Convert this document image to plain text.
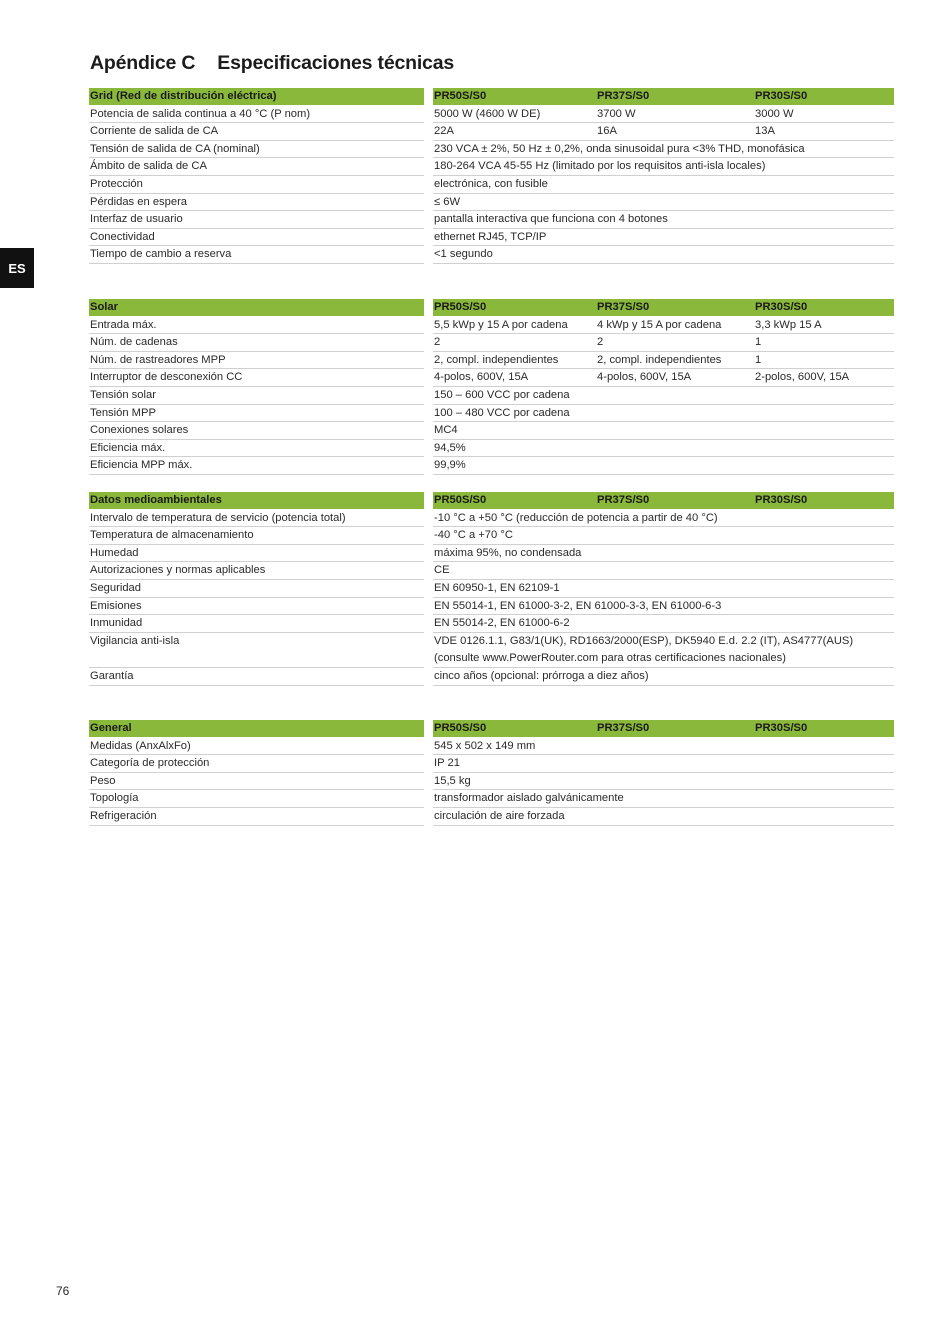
Apéndice C Especificaciones técnicas
ES
Grid (Red de distribución eléctrica)	PR50S/S0	PR37S/S0	PR30S/S0
Potencia de salida continua a 40 °C (P nom)	5000 W (4600 W DE)	3700 W	3000 W
Corriente de salida de CA	22A	16A	13A
Tensión de salida de CA (nominal)	230 VCA ± 2%, 50 Hz ± 0,2%, onda sinusoidal pura <3% THD, monofásica
Ámbito de salida de CA	180-264 VCA 45-55 Hz (limitado por los requisitos anti-isla locales)
Protección	electrónica, con fusible
Pérdidas en espera	≤ 6W
Interfaz de usuario	pantalla interactiva que funciona con 4 botones
Conectividad	ethernet RJ45, TCP/IP
Tiempo de cambio a reserva	<1 segundo
Solar	PR50S/S0	PR37S/S0	PR30S/S0
Entrada máx.	5,5 kWp y 15 A por cadena	4 kWp y 15 A por cadena	3,3 kWp 15 A
Núm. de cadenas	2	2	1
Núm. de rastreadores MPP	2, compl. independientes	2, compl. independientes	1
Interruptor de desconexión CC	4-polos, 600V, 15A	4-polos, 600V, 15A	2-polos, 600V, 15A
Tensión solar	150 – 600 VCC por cadena
Tensión MPP	100 – 480 VCC por cadena
Conexiones solares	MC4
Eficiencia máx.	94,5%
Eficiencia MPP máx.	99,9%
Datos medioambientales	PR50S/S0	PR37S/S0	PR30S/S0
Intervalo de temperatura de servicio (potencia total)	-10 °C a +50 °C (reducción de potencia a partir de 40 °C)
Temperatura de almacenamiento	-40 °C a +70 °C
Humedad	máxima 95%, no condensada
Autorizaciones y normas aplicables	CE
Seguridad	EN 60950-1, EN 62109-1
Emisiones	EN 55014-1, EN 61000-3-2, EN 61000-3-3, EN 61000-6-3
Inmunidad	EN 55014-2, EN 61000-6-2
Vigilancia anti-isla	VDE 0126.1.1, G83/1(UK), RD1663/2000(ESP), DK5940 E.d. 2.2 (IT), AS4777(AUS)
(consulte www.PowerRouter.com para otras certificaciones nacionales)
Garantía	cinco años (opcional: prórroga a diez años)
General	PR50S/S0	PR37S/S0	PR30S/S0
Medidas (AnxAlxFo)	545 x 502 x 149 mm
Categoría de protección	IP 21
Peso	15,5 kg
Topología	transformador aislado galvánicamente
Refrigeración	circulación de aire forzada
76
